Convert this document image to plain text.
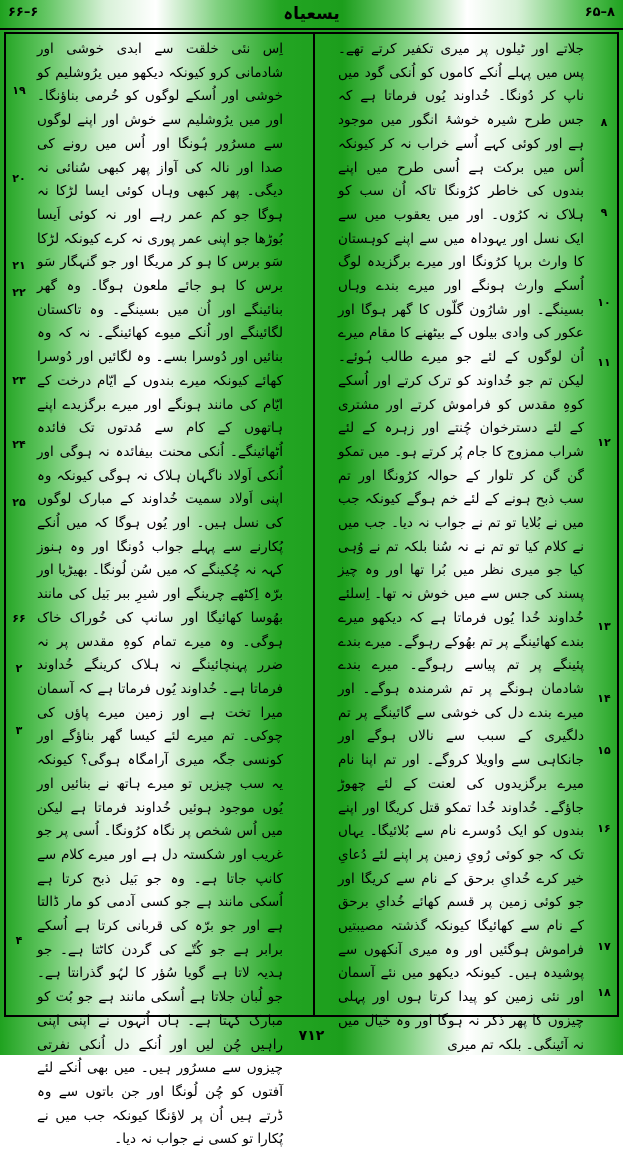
۶۶–۶	یسعیاہ	۶۵–۸

جلاتے اور ٹیلوں پر میری تکفیر کرتے تھے۔ پس میں پہلے اُنکے کاموں کو اُنکی گود میں ناپ کر دُونگا۔ خُداوند یُوں فرماتا ہے کہ جس طرح شیرہ خوشۂ انگور میں موجود ہے اور کوئی کہے اُسے خراب نہ کر کیونکہ اُس میں برکت ہے اُسی طرح میں اپنے بندوں کی خاطر کرُونگا تاکہ اُن سب کو ہلاک نہ کرُوں۔ اور میں یعقوب میں سے ایک نسل اور یہوداہ میں سے اپنے کوہستان کا وارث برپا کرُونگا اور میرے برگزیدہ لوگ اُسکے وارث ہونگے اور میرے بندے وہاں بسینگے۔ اور شارُون گلّوں کا گھر ہوگا اور عکور کی وادی بیلوں کے بیٹھنے کا مقام میرے اُن لوگوں کے لئے جو میرے طالب ہُوئے۔ لیکن تم جو خُداوند کو ترک کرتے اور اُسکے کوہِ مقدس کو فراموش کرتے اور مشتری کے لئے دسترخوان چُنتے اور زہرہ کے لئے شراب ممزوج کا جام پُر کرتے ہو۔ میں تمکو گن گن کر تلوار کے حوالہ کرُونگا اور تم سب ذبح ہونے کے لئے خم ہوگے کیونکہ جب میں نے بُلایا تو تم نے جواب نہ دیا۔ جب میں نے کلام کیا تو تم نے نہ سُنا بلکہ تم نے وُہی کیا جو میری نظر میں بُرا تھا اور وہ چیز پسند کی جس سے میں خوش نہ تھا۔ اِسلئے خُداوند خُدا یُوں فرماتا ہے کہ دیکھو میرے بندے کھائینگے پر تم بھُوکے رہوگے۔ میرے بندے پئینگے پر تم پیاسے رہوگے۔ میرے بندے شادمان ہونگے پر تم شرمندہ ہوگے۔ اور میرے بندے دل کی خوشی سے گائینگے پر تم دلگیری کے سبب سے نالاں ہوگے اور جانکاہی سے واویلا کروگے۔ اور تم اپنا نام میرے برگزیدوں کی لعنت کے لئے چھوڑ جاؤگے۔ خُداوند خُدا تمکو قتل کریگا اور اپنے بندوں کو ایک دُوسرے نام سے بُلائیگا۔ یہاں تک کہ جو کوئی رُویِ زمین پر اپنے لئے دُعایِ خیر کرے خُدایِ برحق کے نام سے کریگا اور جو کوئی زمین پر قسم کھائے خُدایِ برحق کے نام سے کھائیگا کیونکہ گذشتہ مصیبتیں فراموش ہوگئیں اور وہ میری آنکھوں سے پوشیدہ ہیں۔ کیونکہ دیکھو میں نئے آسمان اور نئی زمین کو پیدا کرتا ہوں اور پہلی چیزوں کا پھر ذکر نہ ہوگا اور وہ خیال میں نہ آئینگی۔ بلکہ تم میری

اِس نئی خلقت سے ابدی خوشی اور شادمانی کرو کیونکہ دیکھو میں یرُوشلیم کو خوشی اور اُسکے لوگوں کو خُرمی بناؤنگا۔ اور میں یرُوشلیم سے خوش اور اپنے لوگوں سے مسرُور ہُونگا اور اُس میں رونے کی صدا اور نالہ کی آواز پھر کبھی سُنائی نہ دیگی۔ پھر کبھی وہاں کوئی ایسا لڑکا نہ ہوگا جو کم عمر رہے اور نہ کوئی اَیسا بُوڑھا جو اپنی عمر پوری نہ کرے کیونکہ لڑکا سَو برس کا ہو کر مریگا اور جو گنہگار سَو برس کا ہو جائے ملعون ہوگا۔ وہ گھر بنائینگے اور اُن میں بسینگے۔ وہ تاکستان لگائینگے اور اُنکے میوے کھائینگے۔ نہ کہ وہ بنائیں اور دُوسرا بسے۔ وہ لگائیں اور دُوسرا کھائے کیونکہ میرے بندوں کے ایّام درخت کے ایّام کی مانند ہونگے اور میرے برگزیدے اپنے ہاتھوں کے کام سے مُدتوں تک فائدہ اُٹھائینگے۔ اُنکی محنت بیفائدہ نہ ہوگی اور اُنکی اَولاد ناگہان ہلاک نہ ہوگی کیونکہ وہ اپنی اَولاد سمیت خُداوند کے مبارک لوگوں کی نسل ہیں۔ اور یُوں ہوگا کہ میں اُنکے پُکارنے سے پہلے جواب دُونگا اور وہ ہنوز کہہ نہ چُکینگے کہ میں سُن لُونگا۔ بھیڑیا اور برّہ اِکٹھے چرینگے اور شیرِ ببر بَیل کی مانند بھُوسا کھائیگا اور سانپ کی خُوراک خاک ہوگی۔ وہ میرے تمام کوہِ مقدس پر نہ ضرر پہنچائینگے نہ ہلاک کرینگے خُداوند فرماتا ہے۔ خُداوند یُوں فرماتا ہے کہ آسمان میرا تخت ہے اور زمین میرے پاؤں کی چوکی۔ تم میرے لئے کیسا گھر بناؤگے اور کونسی جگہ میری آرامگاہ ہوگی؟ کیونکہ یہ سب چیزیں تو میرے ہاتھ نے بنائیں اور یُوں موجود ہوئیں خُداوند فرماتا ہے لیکن میں اُس شخص پر نگاہ کرُونگا۔ اُسی پر جو غریب اور شکستہ دل ہے اور میرے کلام سے کانپ جاتا ہے۔ وہ جو بَیل ذبح کرتا ہے اُسکی مانند ہے جو کسی آدمی کو مار ڈالتا ہے اور جو برّہ کی قربانی کرتا ہے اُسکے برابر ہے جو کُتّے کی گردن کاٹتا ہے۔ جو ہدیہ لاتا ہے گویا سُؤر کا لہُو گذرانتا ہے۔ جو لُبان جلاتا ہے اُسکی مانند ہے جو بُت کو مبارک کہتا ہے۔ ہاں اُنہوں نے اپنی اپنی راہیں چُن لیں اور اُنکے دل اُنکی نفرتی چیزوں سے مسرُور ہیں۔ میں بھی اُنکے لئے آفتوں کو چُن لُونگا اور جن باتوں سے وہ ڈرتے ہیں اُن پر لاؤنگا کیونکہ جب میں نے پُکارا تو کسی نے جواب نہ دیا۔

۸
۹
۱۰
۱۱
۱۲
۱۳
۱۴
۱۵
۱۶
۱۷
۱۸
۱۹
۲۰
۲۱
۲۲
۲۳
۲۴
۲۵
۶۶
۲
۳
۴
۷۱۲
